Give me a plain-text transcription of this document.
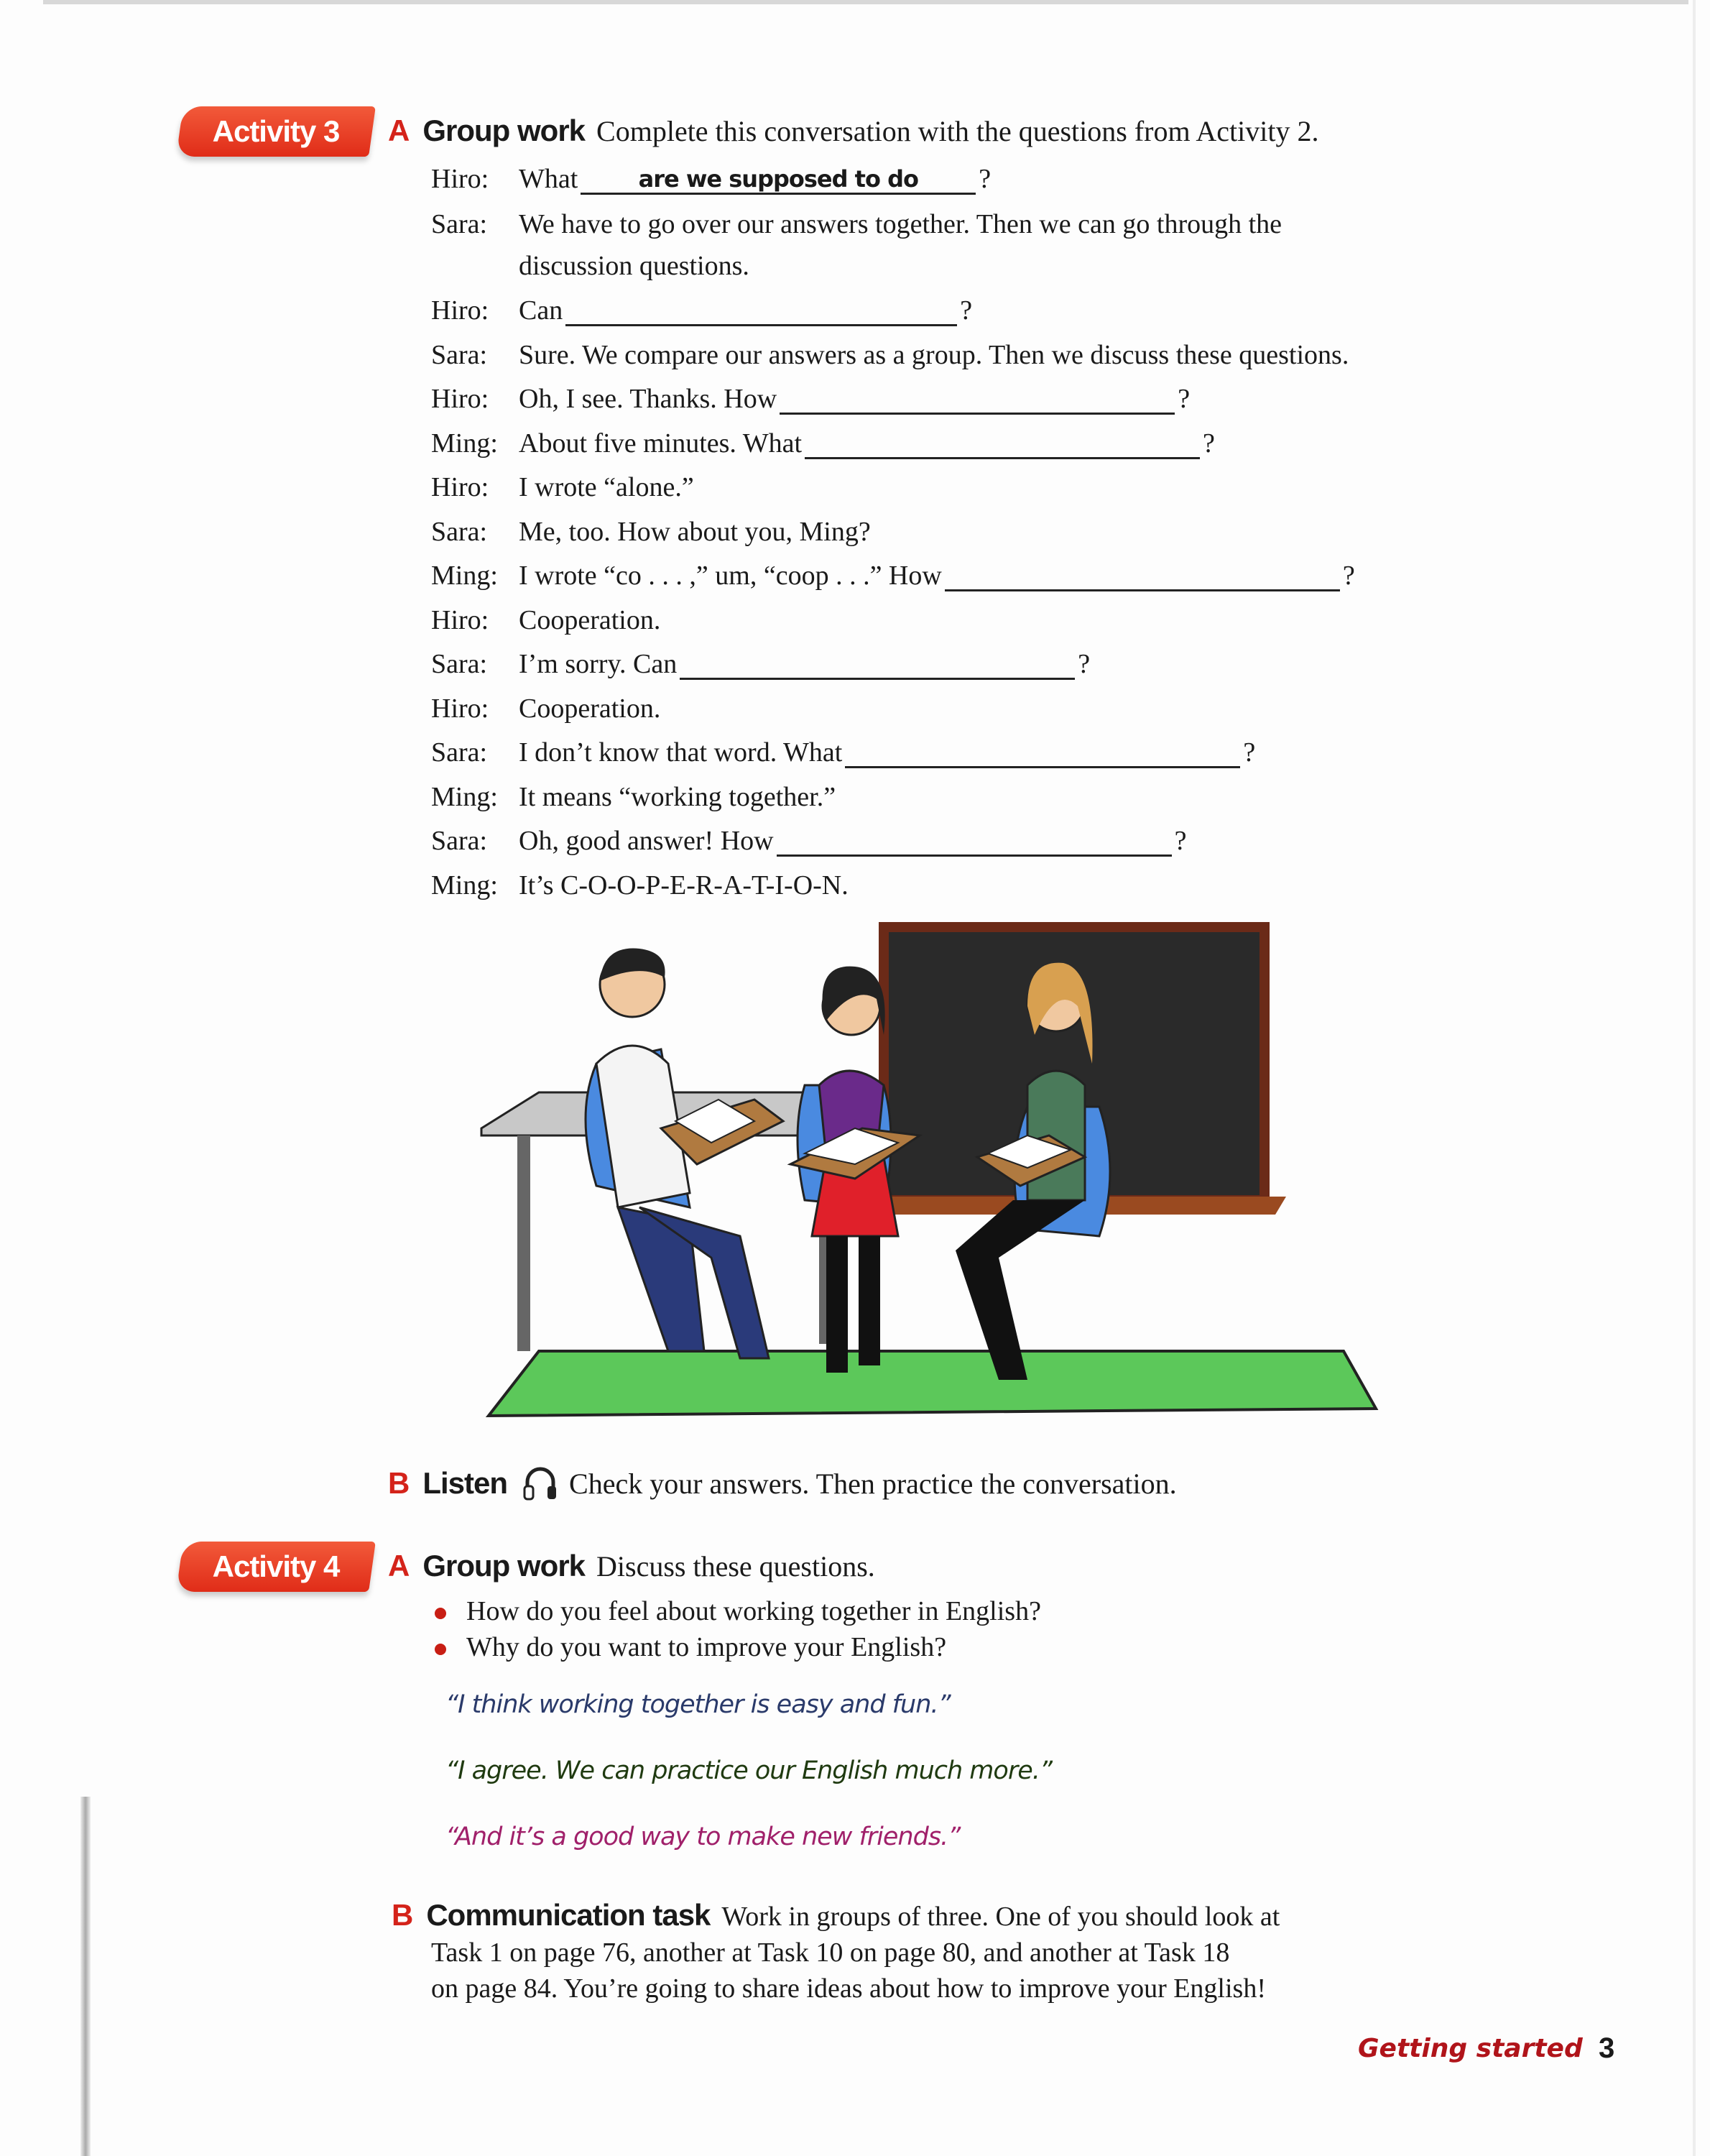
Activity 3	A Group work Complete this conversation with the questions from Activity 2.
Hiro:	What	are we supposed to do ?
Sara:	We have to go over our answers together. Then we can go through the
discussion questions.
Hiro:	Can	?
Sara:	Sure. We compare our answers as a group. Then we discuss these questions.
Hiro:	Oh, I see. Thanks. How	?
Ming: About five minutes. What	?
Hiro:	I wrote “alone.”
Sara:	Me, too. How about you, Ming?
Ming: I wrote “co . . . ,” um, “coop . . .” How	?
Hiro:	Cooperation.
Sara:	I’m sorry. Can	?
Hiro:	Cooperation.
Sara:	I don’t know that word. What	?
Ming: It means “working together.”
Sara:	Oh, good answer! How	?
Ming: It’s C-O-O-P-E-R-A-T-I-O-N.
B Listen Check your answers. Then practice the conversation.
Activity 4	A Group work Discuss these questions.
How do you feel about working together in English?
Why do you want to improve your English?
“I think working together is easy and fun.”
“I agree. We can practice our English much more.”
“And it’s a good way to make new friends.”
B Communication task Work in groups of three. One of you should look at
Task 1 on page 76, another at Task 10 on page 80, and another at Task 18
on page 84. You’re going to share ideas about how to improve your English!
Getting started 3
